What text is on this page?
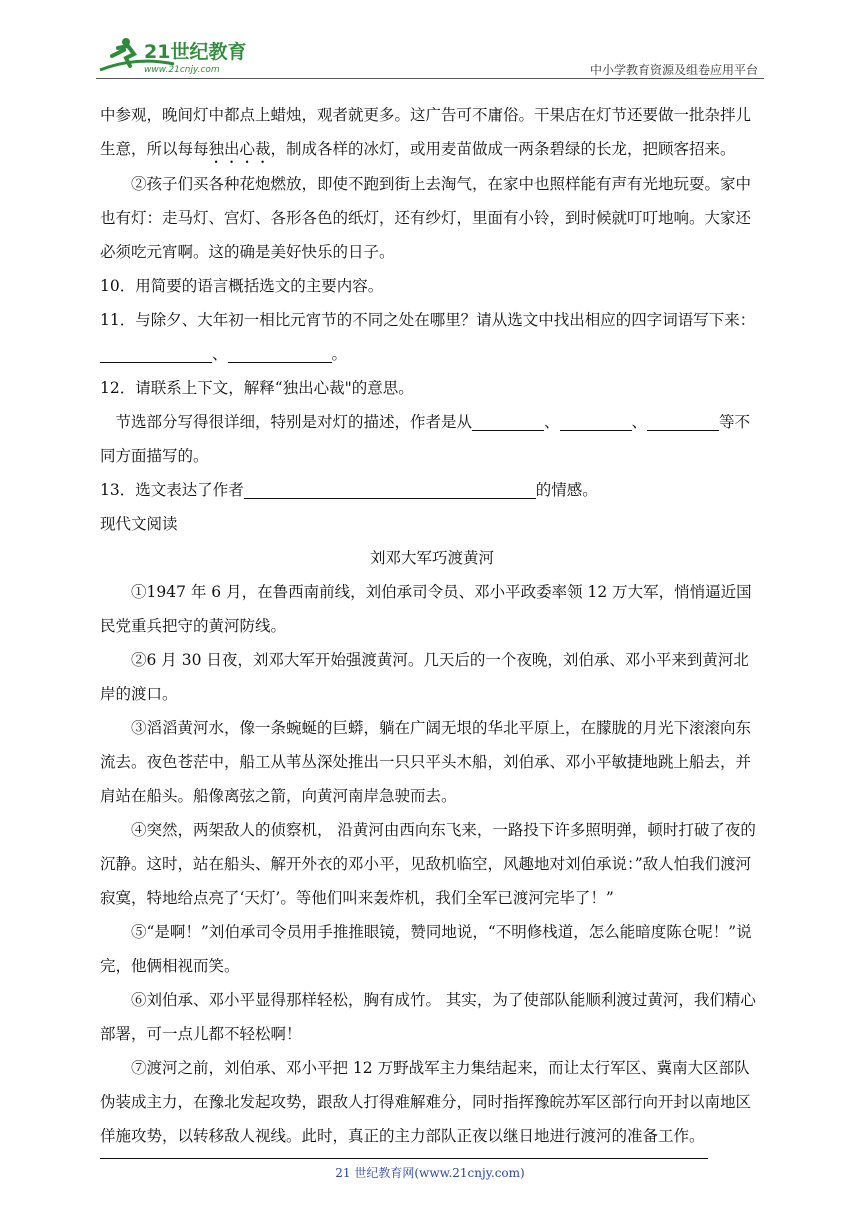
21世纪教育
www.21cnjy.com	中小学教育资源及组卷应用平台

中参观，晚间灯中都点上蜡烛，观者就更多。这广告可不庸俗。干果店在灯节还要做一批杂拌儿生意，所以每每独出心裁，制成各样的冰灯，或用麦苗做成一两条碧绿的长龙，把顾客招来。

②孩子们买各种花炮燃放，即使不跑到街上去淘气，在家中也照样能有声有光地玩耍。家中也有灯：走马灯、宫灯、各形各色的纸灯，还有纱灯，里面有小铃，到时候就叮叮地响。大家还必须吃元宵啊。这的确是美好快乐的日子。

10．用简要的语言概括选文的主要内容。

11．与除夕、大年初一相比元宵节的不同之处在哪里？请从选文中找出相应的四字词语写下来：、	。

12．请联系上下文，解释“独出心裁"的意思。

节选部分写得很详细，特别是对灯的描述，作者是从	、	、	等不同方面描写的。

13．选文表达了作者	的情感。

现代文阅读

刘邓大军巧渡黄河

①1947 年 6 月，在鲁西南前线，刘伯承司令员、邓小平政委率领 12 万大军，悄悄逼近国民党重兵把守的黄河防线。

②6 月 30 日夜，刘邓大军开始强渡黄河。几天后的一个夜晚，刘伯承、邓小平来到黄河北岸的渡口。

③滔滔黄河水，像一条蜿蜒的巨蟒，躺在广阔无垠的华北平原上，在朦胧的月光下滚滚向东流去。夜色苍茫中，船工从苇丛深处推出一只只平头木船，刘伯承、邓小平敏捷地跳上船去，并肩站在船头。船像离弦之箭，向黄河南岸急驶而去。

④突然，两架敌人的侦察机， 沿黄河由西向东飞来，一路投下许多照明弹，顿时打破了夜的沉静。这时，站在船头、解开外衣的邓小平，见敌机临空，风趣地对刘伯承说：”敌人怕我们渡河寂寞，特地给点亮了‘天灯’。等他们叫来轰炸机，我们全军已渡河完毕了！”

⑤“是啊！”刘伯承司令员用手推推眼镜，赞同地说，“不明修栈道，怎么能暗度陈仓呢！”说完，他俩相视而笑。

⑥刘伯承、邓小平显得那样轻松，胸有成竹。 其实，为了使部队能顺利渡过黄河，我们精心部署，可一点儿都不轻松啊！

⑦渡河之前，刘伯承、邓小平把 12 万野战军主力集结起来，而让太行军区、冀南大区部队伪装成主力，在豫北发起攻势，跟敌人打得难解难分，同时指挥豫皖苏军区部行向开封以南地区佯施攻势，以转移敌人视线。此时，真正的主力部队正夜以继日地进行渡河的准备工作。

21 世纪教育网(www.21cnjy.com)
